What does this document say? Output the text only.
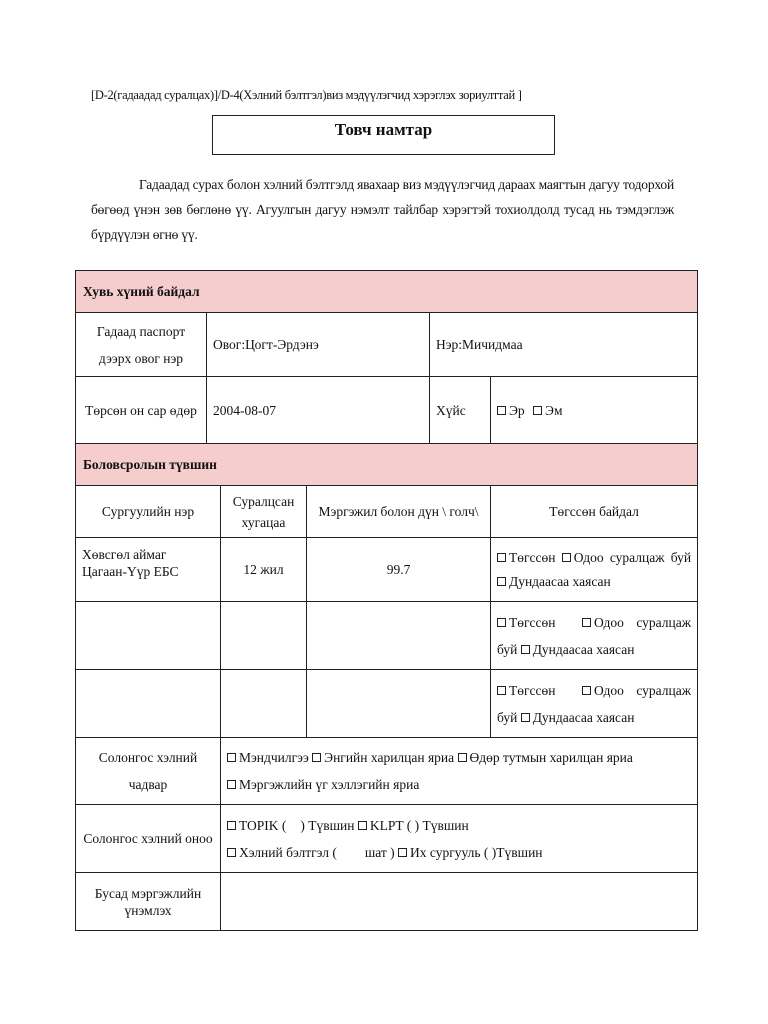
[D-2(гадаадад суралцах)]/D-4(Хэлний бэлтгэл)виз мэдүүлэгчид хэрэглэх зориулттай ]
Товч намтар

Гадаадад сурах болон хэлний бэлтгэлд явахаар виз мэдүүлэгчид дараах маягтын дагуу тодорхой бөгөөд үнэн зөв бөглөнө үү. Агуулгын дагуу нэмэлт тайлбар хэрэгтэй тохиолдолд тусад нь тэмдэглэж бүрдүүлэн өгнө үү.

Хувь хүний байдал					
Гадаад паспорт дээрх овог нэр	Овог:Цогт-Эрдэнэ			Нэр:Мичидмаа	
Төрсөн он сар өдөр	2004-08-07			Хүйс	Эр Эм
Боловсролын түвшин					
Сургуулийн нэр		Суралцсан хугацаа	Мэргэжил болон дүн \ голч\		Төгссөн байдал
Хөвсгөл аймаг Цагаан-Үүр ЕБС		12 жил	99.7		Төгссөн Одоо суралцаж буй Дундаасаа хаясан
					Төгссөн Одоо суралцаж буй Дундаасаа хаясан
					Төгссөн Одоо суралцаж буй Дундаасаа хаясан
Солонгос хэлний чадвар		Мэндчилгээ Энгийн харилцан яриа Өдөр тутмын харилцан яриа
Мэргэжлийн үг хэллэгийн яриа			
Солонгос хэлний оноо		TOPIK ( ) Түвшин KLPT ( ) Түвшин
Хэлний бэлтгэл ( шат ) Их сургууль ( )Түвшин			
Бусад мэргэжлийн үнэмлэх					
